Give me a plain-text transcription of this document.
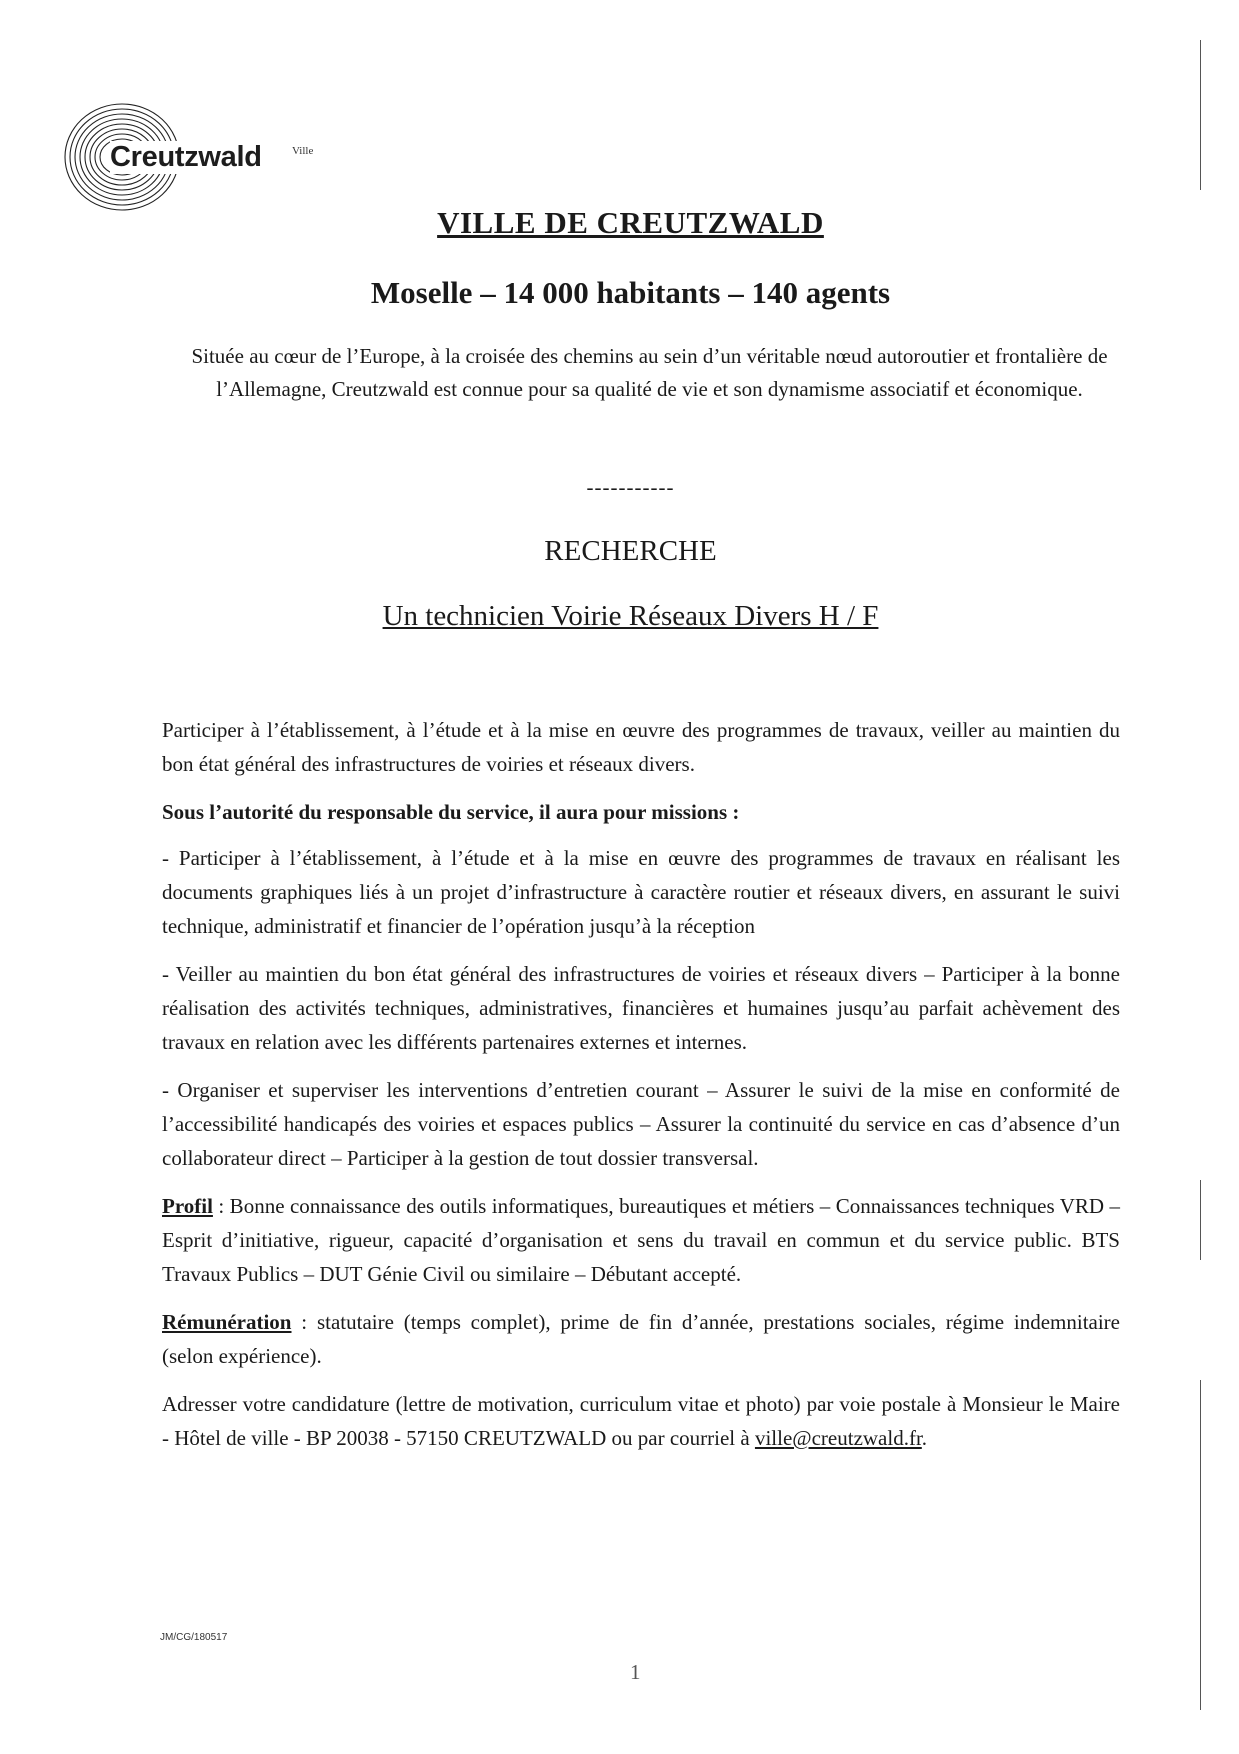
Creutzwald	Ville
VILLE DE CREUTZWALD
Moselle – 14 000 habitants – 140 agents
Située au cœur de l’Europe, à la croisée des chemins au sein d’un véritable nœud autoroutier et frontalière de l’Allemagne, Creutzwald est connue pour sa qualité de vie et son dynamisme associatif et économique.
-----------
RECHERCHE
Un technicien Voirie Réseaux Divers H / F

Participer à l’établissement, à l’étude et à la mise en œuvre des programmes de travaux, veiller au maintien du bon état général des infrastructures de voiries et réseaux divers.

Sous l’autorité du responsable du service, il aura pour missions :

- Participer à l’établissement, à l’étude et à la mise en œuvre des programmes de travaux en réalisant les documents graphiques liés à un projet d’infrastructure à caractère routier et réseaux divers, en assurant le suivi technique, administratif et financier de l’opération jusqu’à la réception

- Veiller au maintien du bon état général des infrastructures de voiries et réseaux divers – Participer à la bonne réalisation des activités techniques, administratives, financières et humaines jusqu’au parfait achèvement des travaux en relation avec les différents partenaires externes et internes.

- Organiser et superviser les interventions d’entretien courant – Assurer le suivi de la mise en conformité de l’accessibilité handicapés des voiries et espaces publics – Assurer la continuité du service en cas d’absence d’un collaborateur direct – Participer à la gestion de tout dossier transversal.

Profil : Bonne connaissance des outils informatiques, bureautiques et métiers – Connaissances techniques VRD – Esprit d’initiative, rigueur, capacité d’organisation et sens du travail en commun et du service public. BTS Travaux Publics – DUT Génie Civil ou similaire – Débutant accepté.

Rémunération : statutaire (temps complet), prime de fin d’année, prestations sociales, régime indemnitaire (selon expérience).

Adresser votre candidature (lettre de motivation, curriculum vitae et photo) par voie postale à Monsieur le Maire - Hôtel de ville - BP 20038 - 57150 CREUTZWALD ou par courriel à ville@creutzwald.fr.

JM/CG/180517
1
